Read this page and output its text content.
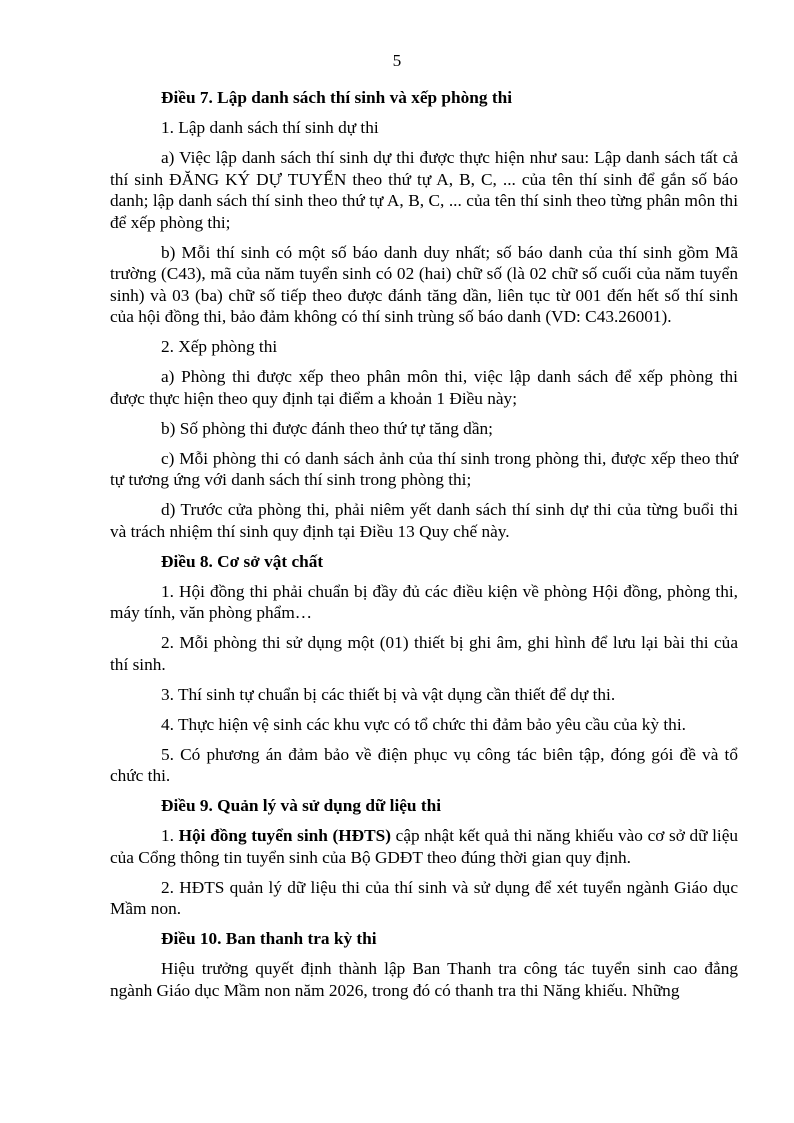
5

Điều 7. Lập danh sách thí sinh và xếp phòng thi

1. Lập danh sách thí sinh dự thi

a) Việc lập danh sách thí sinh dự thi được thực hiện như sau: Lập danh sách tất cả thí sinh ĐĂNG KÝ DỰ TUYỂN theo thứ tự A, B, C, ... của tên thí sinh để gắn số báo danh; lập danh sách thí sinh theo thứ tự A, B, C, ... của tên thí sinh theo từng phân môn thi để xếp phòng thi;

b) Mỗi thí sinh có một số báo danh duy nhất; số báo danh của thí sinh gồm Mã trường (C43), mã của năm tuyển sinh có 02 (hai) chữ số (là 02 chữ số cuối của năm tuyển sinh) và 03 (ba) chữ số tiếp theo được đánh tăng dần, liên tục từ 001 đến hết số thí sinh của hội đồng thi, bảo đảm không có thí sinh trùng số báo danh (VD: C43.26001).

2. Xếp phòng thi

a) Phòng thi được xếp theo phân môn thi, việc lập danh sách để xếp phòng thi được thực hiện theo quy định tại điểm a khoản 1 Điều này;

b) Số phòng thi được đánh theo thứ tự tăng dần;

c) Mỗi phòng thi có danh sách ảnh của thí sinh trong phòng thi, được xếp theo thứ tự tương ứng với danh sách thí sinh trong phòng thi;

d) Trước cửa phòng thi, phải niêm yết danh sách thí sinh dự thi của từng buổi thi và trách nhiệm thí sinh quy định tại Điều 13 Quy chế này.

Điều 8. Cơ sở vật chất

1. Hội đồng thi phải chuẩn bị đầy đủ các điều kiện về phòng Hội đồng, phòng thi, máy tính, văn phòng phẩm…

2. Mỗi phòng thi sử dụng một (01) thiết bị ghi âm, ghi hình để lưu lại bài thi của thí sinh.

3. Thí sinh tự chuẩn bị các thiết bị và vật dụng cần thiết để dự thi.

4. Thực hiện vệ sinh các khu vực có tổ chức thi đảm bảo yêu cầu của kỳ thi.

5. Có phương án đảm bảo về điện phục vụ công tác biên tập, đóng gói đề và tổ chức thi.

Điều 9. Quản lý và sử dụng dữ liệu thi

1. Hội đồng tuyển sinh (HĐTS) cập nhật kết quả thi năng khiếu vào cơ sở dữ liệu của Cổng thông tin tuyển sinh của Bộ GDĐT theo đúng thời gian quy định.

2. HĐTS quản lý dữ liệu thi của thí sinh và sử dụng để xét tuyển ngành Giáo dục Mầm non.

Điều 10. Ban thanh tra kỳ thi

Hiệu trưởng quyết định thành lập Ban Thanh tra công tác tuyển sinh cao đẳng ngành Giáo dục Mầm non năm 2026, trong đó có thanh tra thi Năng khiếu. Những
